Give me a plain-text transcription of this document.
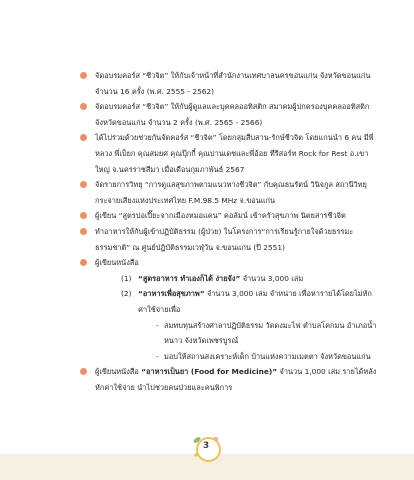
จัดอบรมคอร์ส “ชีวจิต” ให้กับเจ้าหน้าที่สำนักงานเทศบาลนครขอนแก่น จังหวัดขอนแก่น จำนวน 16 ครั้ง (พ.ศ. 2555 - 2562)
จัดอบรมคอร์ส “ชีวจิต” ให้กับผู้ดูแลและบุคคลออทิสติก สมาคมผู้ปกครองบุคคลออทิสติก จังหวัดขอนแก่น จำนวน 2 ครั้ง (พ.ศ. 2565 - 2566)
ได้ไปร่วมด้วยช่วยกันจัดคอร์ส “ชีวจิต” โดยกลุ่มสืบสาน-รักษ์ชีวจิต โดยแกนนำ 6 คน มีพี่หลวง พี่เป็ยก คุณสมยศ คุณปุ๊กกี้ คุณปานเดชและพี่อ้อย ที่รีสอร์ท Rock for Rest อ.เขาใหญ่ จ.นครราชสีมา เมื่อเดือนกุมภาพันธ์ 2567
จัดรายการวิทยุ “การดูแลสุขภาพตามแนวทางชีวจิต” กับคุณธนรัตน์ วินิจกูล สถานีวิทยุกระจายเสียงแห่งประเทศไทย F.M.98.5 MHz จ.ขอนแก่น
ผู้เขียน “สูตรปอเปี๊ยะจากเมืองหมอแคน” คอลัมน์ เข้าครัวสุขภาพ นิตยสารชีวจิต
ทำอาหารให้กับผู้เข้าปฏิบัติธรรม (ผู้ป่วย) ในโครงการ“การเรียนรู้กายใจด้วยธรรมะธรรมชาติ” ณ ศูนย์ปฏิบัติธรรมเวฬุวัน จ.ขอนแก่น (ปี 2551)
ผู้เขียนหนังสือ
(1) “สูตรอาหาร ทำเองก็ได้ ง่ายจัง” จำนวน 3,000 เล่ม
(2) “อาหารเพื่อสุขภาพ” จำนวน 3,000 เล่ม จำหน่าย เพื่อหารายได้โดยไม่หักค่าใช้จ่ายเพื่อ
- สมทบทุนสร้างศาลาปฏิบัติธรรม วัดดงมะไฟ ตำบลโคกมน อำเภอน้ำหนาว จังหวัดเพชรบูรณ์
- มอบให้สถานสงเคราะห์เด็ก บ้านแห่งความเมตตา จังหวัดขอนแก่น
ผู้เขียนหนังสือ “อาหารเป็นยา (Food for Medicine)” จำนวน 1,000 เล่ม รายได้หลังหักค่าใช้จ่าย นำไปช่วยคนป่วยและคนพิการ
3
